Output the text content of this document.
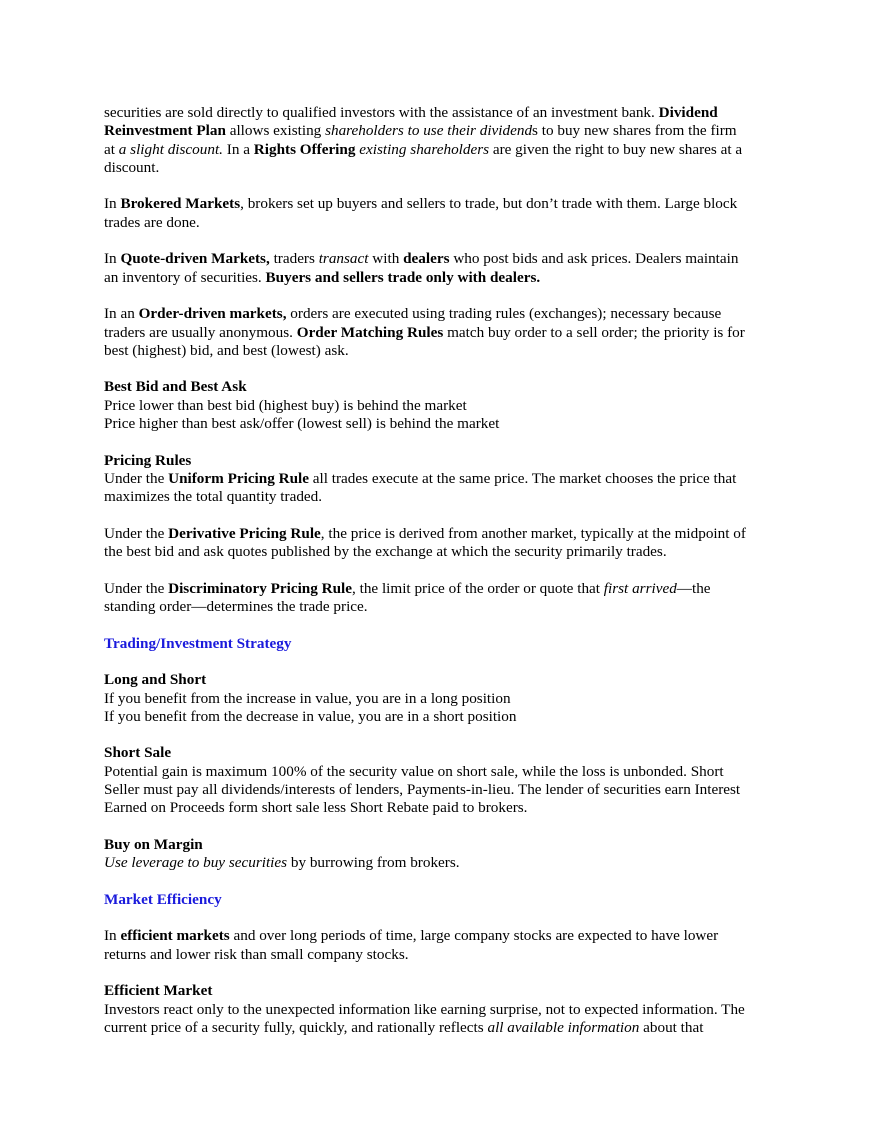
securities are sold directly to qualified investors with the assistance of an investment bank. Dividend
Reinvestment Plan allows existing shareholders to use their dividends to buy new shares from the firm
at a slight discount. In a Rights Offering existing shareholders are given the right to buy new shares at a
discount.

In Brokered Markets, brokers set up buyers and sellers to trade, but don’t trade with them. Large block
trades are done.

In Quote-driven Markets, traders transact with dealers who post bids and ask prices. Dealers maintain
an inventory of securities. Buyers and sellers trade only with dealers.

In an Order-driven markets, orders are executed using trading rules (exchanges); necessary because
traders are usually anonymous. Order Matching Rules match buy order to a sell order; the priority is for
best (highest) bid, and best (lowest) ask.

Best Bid and Best Ask
Price lower than best bid (highest buy) is behind the market
Price higher than best ask/offer (lowest sell) is behind the market

Pricing Rules
Under the Uniform Pricing Rule all trades execute at the same price. The market chooses the price that
maximizes the total quantity traded.

Under the Derivative Pricing Rule, the price is derived from another market, typically at the midpoint of
the best bid and ask quotes published by the exchange at which the security primarily trades.

Under the Discriminatory Pricing Rule, the limit price of the order or quote that first arrived—the
standing order—determines the trade price.

Trading/Investment Strategy

Long and Short
If you benefit from the increase in value, you are in a long position
If you benefit from the decrease in value, you are in a short position

Short Sale
Potential gain is maximum 100% of the security value on short sale, while the loss is unbonded. Short
Seller must pay all dividends/interests of lenders, Payments-in-lieu. The lender of securities earn Interest
Earned on Proceeds form short sale less Short Rebate paid to brokers.

Buy on Margin
Use leverage to buy securities by burrowing from brokers.

Market Efficiency

In efficient markets and over long periods of time, large company stocks are expected to have lower
returns and lower risk than small company stocks.

Efficient Market
Investors react only to the unexpected information like earning surprise, not to expected information. The
current price of a security fully, quickly, and rationally reflects all available information about that
